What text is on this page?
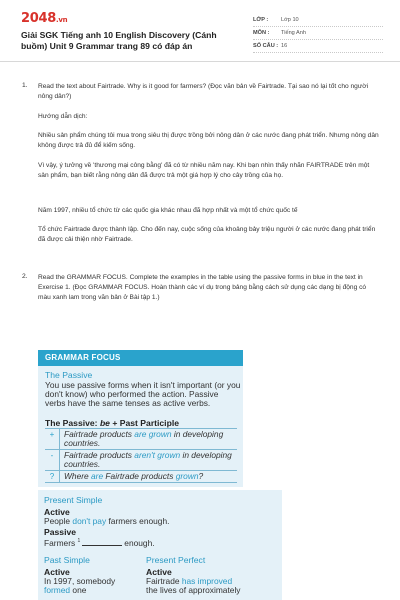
2048.vn
Giải SGK Tiếng anh 10 English Discovery (Cánh buồm) Unit 9 Grammar trang 89 có đáp án
LỚP :	Lớp 10
MÔN :	Tiếng Anh
SỐ CÂU : 16
1. Read the text about Fairtrade. Why is it good for farmers? (Đọc văn bản về Fairtrade. Tại sao nó lại tốt cho người nông dân?)
Hướng dẫn dịch:
Nhiều sản phẩm chúng tôi mua trong siêu thị được trồng bởi nông dân ở các nước đang phát triển. Nhưng nông dân không được trả đủ để kiếm sống.
Vì vậy, ý tưởng về 'thương mại công bằng' đã có từ nhiều năm nay. Khi bạn nhìn thấy nhãn FAIRTRADE trên một sản phẩm, bạn biết rằng nông dân đã được trả một giá hợp lý cho cây trồng của họ.
Năm 1997, nhiều tổ chức từ các quốc gia khác nhau đã hợp nhất và một tổ chức quốc tế
Tổ chức Fairtrade được thành lập. Cho đến nay, cuộc sống của khoảng bảy triệu người ở các nước đang phát triển đã được cải thiện nhờ Fairtrade.
2. Read the GRAMMAR FOCUS. Complete the examples in the table using the passive forms in blue in the text in Exercise 1. (Đọc GRAMMAR FOCUS. Hoàn thành các ví dụ trong bảng bằng cách sử dụng các dạng bị động có màu xanh lam trong văn bản ở Bài tập 1.)
GRAMMAR FOCUS
The Passive
You use passive forms when it isn't important (or you don't know) who performed the action. Passive verbs have the same tenses as active verbs.
The Passive: be + Past Participle
+	Fairtrade products are grown in developing countries.
-	Fairtrade products aren't grown in developing countries.
?	Where are Fairtrade products grown?
Present Simple
Active
People don't pay farmers enough.
Passive
Farmers $^1$	enough.
Past Simple
Active
In 1997, somebody
formed one
Present Perfect
Active
Fairtrade has improved
the lives of approximately
